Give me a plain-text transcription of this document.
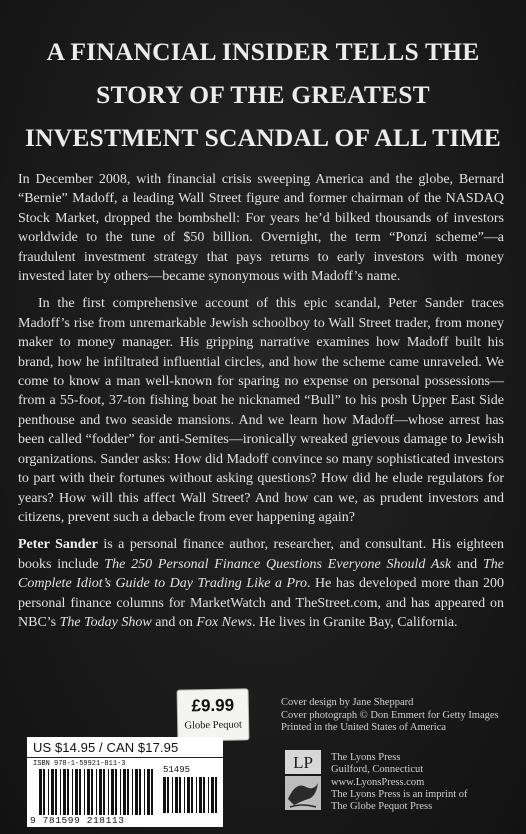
A FINANCIAL INSIDER TELLS THE
STORY OF THE GREATEST
INVESTMENT SCANDAL OF ALL TIME

In December 2008, with financial crisis sweeping America and the globe, Bernard “Bernie” Madoff, a leading Wall Street figure and former chairman of the NASDAQ Stock Market, dropped the bombshell: For years he’d bilked thousands of investors worldwide to the tune of $50 billion. Overnight, the term “Ponzi scheme”—a fraudulent investment strategy that pays returns to early investors with money invested later by others—became synonymous with Madoff’s name.

In the first comprehensive account of this epic scandal, Peter Sander traces Madoff’s rise from unremarkable Jewish schoolboy to Wall Street trader, from money maker to money manager. His gripping narrative examines how Madoff built his brand, how he infiltrated influential circles, and how the scheme came unraveled. We come to know a man well-known for sparing no expense on personal possessions—from a 55-foot, 37-ton fishing boat he nicknamed “Bull” to his posh Upper East Side penthouse and two seaside mansions. And we learn how Madoff—whose arrest has been called “fodder” for anti-Semites—ironically wreaked grievous damage to Jewish organizations. Sander asks: How did Madoff convince so many sophisticated investors to part with their fortunes without asking questions? How did he elude regulators for years? How will this affect Wall Street? And how can we, as prudent investors and citizens, prevent such a debacle from ever happening again?

Peter Sander is a personal finance author, researcher, and consultant. His eighteen books include The 250 Personal Finance Questions Everyone Should Ask and The Complete Idiot’s Guide to Day Trading Like a Pro. He has developed more than 200 personal finance columns for MarketWatch and TheStreet.com, and has appeared on NBC’s The Today Show and on Fox News. He lives in Granite Bay, California.

£9.99
Globe Pequot
Cover design by Jane Sheppard
Cover photograph © Don Emmert for Getty Images
Printed in the United States of America
US $14.95 / CAN $17.95
ISBN 978-1-59921-811-3
51495
9 781599 218113
LP The Lyons Press
Guilford, Connecticut
www.LyonsPress.com
The Lyons Press is an imprint of
The Globe Pequot Press
